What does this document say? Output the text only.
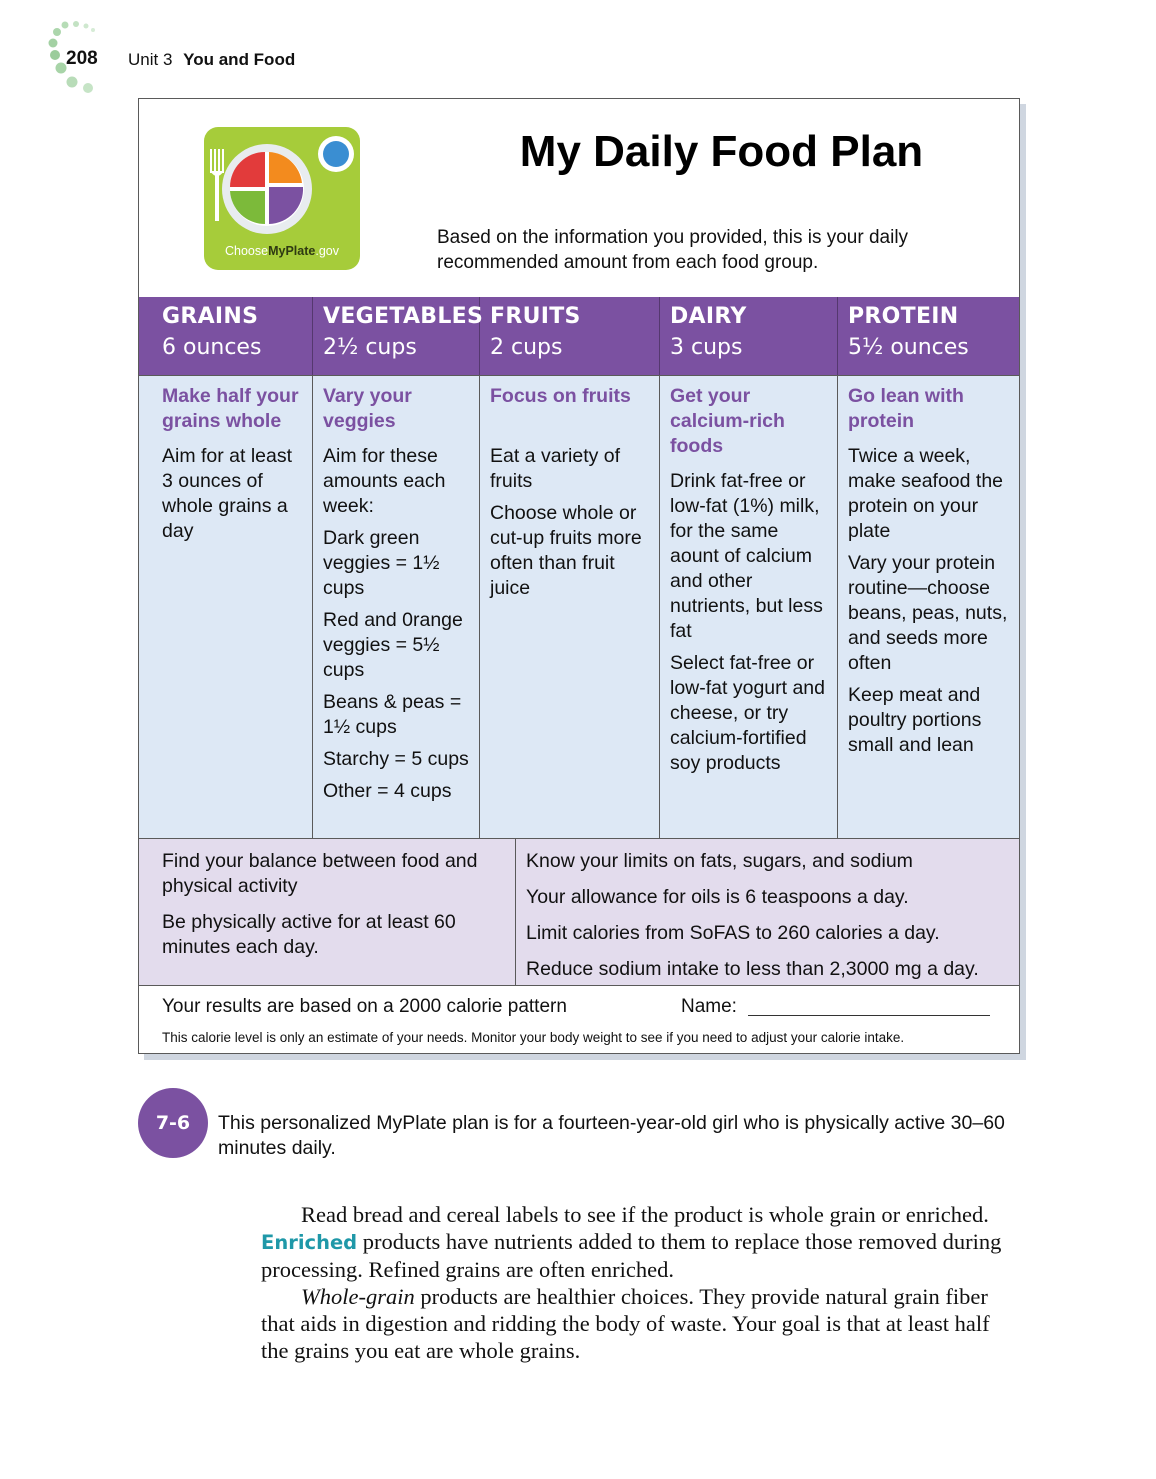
208 Unit 3 You and Food
ChooseMyPlate.gov
My Daily Food Plan
Based on the information you provided, this is your daily recommended amount from each food group.
GRAINS
6 ounces
VEGETABLES
2½ cups
FRUITS
2 cups
DAIRY
3 cups
PROTEIN
5½ ounces
Make half your grains whole
Aim for at least 3 ounces of whole grains a day
Vary your veggies
Aim for these amounts each week:
Dark green veggies = 1½ cups
Red and 0range veggies = 5½ cups
Beans & peas = 1½ cups
Starchy = 5 cups
Other = 4 cups
Focus on fruits
Eat a variety of fruits
Choose whole or cut-up fruits more often than fruit juice
Get your calcium-rich foods
Drink fat-free or low-fat (1%) milk, for the same aount of calcium and other nutrients, but less fat
Select fat-free or low-fat yogurt and cheese, or try calcium-fortified soy products
Go lean with protein
Twice a week, make seafood the protein on your plate
Vary your protein routine—choose beans, peas, nuts, and seeds more often
Keep meat and poultry portions small and lean
Find your balance between food and physical activity
Be physically active for at least 60 minutes each day.
Know your limits on fats, sugars, and sodium
Your allowance for oils is 6 teaspoons a day.
Limit calories from SoFAS to 260 calories a day.
Reduce sodium intake to less than 2,3000 mg a day.
Your results are based on a 2000 calorie pattern	Name:
This calorie level is only an estimate of your needs. Monitor your body weight to see if you need to adjust your calorie intake.
7-6	This personalized MyPlate plan is for a fourteen-year-old girl who is physically active 30–60 minutes daily.

Read bread and cereal labels to see if the product is whole grain or enriched. Enriched products have nutrients added to them to replace those removed during processing. Refined grains are often enriched.

Whole-grain products are healthier choices. They provide natural grain fiber that aids in digestion and ridding the body of waste. Your goal is that at least half the grains you eat are whole grains.
